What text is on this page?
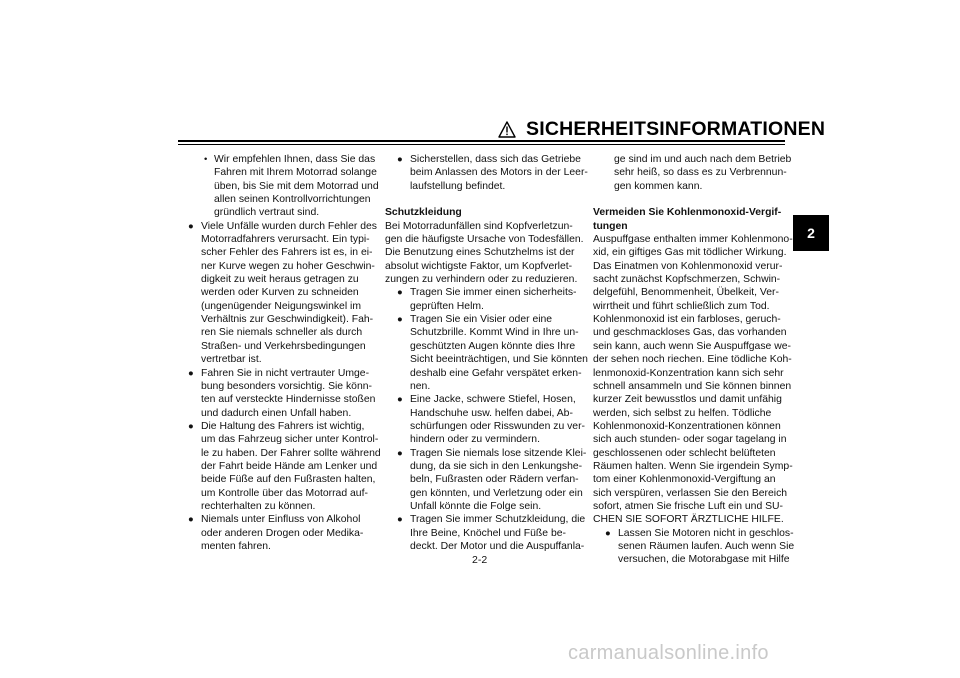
SICHERHEITSINFORMATIONEN
2
• Wir empfehlen Ihnen, dass Sie das

Fahren mit Ihrem Motorrad solange

üben, bis Sie mit dem Motorrad und

allen seinen Kontrollvorrichtungen

gründlich vertraut sind.

● Viele Unfälle wurden durch Fehler des

Motorradfahrers verursacht. Ein typi-

scher Fehler des Fahrers ist es, in ei-

ner Kurve wegen zu hoher Geschwin-

digkeit zu weit heraus getragen zu

werden oder Kurven zu schneiden

(ungenügender Neigungswinkel im

Verhältnis zur Geschwindigkeit). Fah-

ren Sie niemals schneller als durch

Straßen- und Verkehrsbedingungen

vertretbar ist.

● Fahren Sie in nicht vertrauter Umge-

bung besonders vorsichtig. Sie könn-

ten auf versteckte Hindernisse stoßen

und dadurch einen Unfall haben.

● Die Haltung des Fahrers ist wichtig,

um das Fahrzeug sicher unter Kontrol-

le zu haben. Der Fahrer sollte während

der Fahrt beide Hände am Lenker und

beide Füße auf den Fußrasten halten,

um Kontrolle über das Motorrad auf-

rechterhalten zu können.

● Niemals unter Einfluss von Alkohol

oder anderen Drogen oder Medika-

menten fahren.

● Sicherstellen, dass sich das Getriebe

beim Anlassen des Motors in der Leer-

laufstellung befindet.

Schutzkleidung

Bei Motorradunfällen sind Kopfverletzun-

gen die häufigste Ursache von Todesfällen.

Die Benutzung eines Schutzhelms ist der

absolut wichtigste Faktor, um Kopfverlet-

zungen zu verhindern oder zu reduzieren.

● Tragen Sie immer einen sicherheits-

geprüften Helm.

● Tragen Sie ein Visier oder eine

Schutzbrille. Kommt Wind in Ihre un-

geschützten Augen könnte dies Ihre

Sicht beeinträchtigen, und Sie könnten

deshalb eine Gefahr verspätet erken-

nen.

● Eine Jacke, schwere Stiefel, Hosen,

Handschuhe usw. helfen dabei, Ab-

schürfungen oder Risswunden zu ver-

hindern oder zu vermindern.

● Tragen Sie niemals lose sitzende Klei-

dung, da sie sich in den Lenkungshe-

beln, Fußrasten oder Rädern verfan-

gen könnten, und Verletzung oder ein

Unfall könnte die Folge sein.

● Tragen Sie immer Schutzkleidung, die

Ihre Beine, Knöchel und Füße be-

deckt. Der Motor und die Auspuffanla-

ge sind im und auch nach dem Betrieb

sehr heiß, so dass es zu Verbrennun-

gen kommen kann.

Vermeiden Sie Kohlenmonoxid-Vergif-

tungen

Auspuffgase enthalten immer Kohlenmono-

xid, ein giftiges Gas mit tödlicher Wirkung.

Das Einatmen von Kohlenmonoxid verur-

sacht zunächst Kopfschmerzen, Schwin-

delgefühl, Benommenheit, Übelkeit, Ver-

wirrtheit und führt schließlich zum Tod.

Kohlenmonoxid ist ein farbloses, geruch-

und geschmackloses Gas, das vorhanden

sein kann, auch wenn Sie Auspuffgase we-

der sehen noch riechen. Eine tödliche Koh-

lenmonoxid-Konzentration kann sich sehr

schnell ansammeln und Sie können binnen

kurzer Zeit bewusstlos und damit unfähig

werden, sich selbst zu helfen. Tödliche

Kohlenmonoxid-Konzentrationen können

sich auch stunden- oder sogar tagelang in

geschlossenen oder schlecht belüfteten

Räumen halten. Wenn Sie irgendein Symp-

tom einer Kohlenmonoxid-Vergiftung an

sich verspüren, verlassen Sie den Bereich

sofort, atmen Sie frische Luft ein und SU-

CHEN SIE SOFORT ÄRZTLICHE HILFE.

● Lassen Sie Motoren nicht in geschlos-

senen Räumen laufen. Auch wenn Sie

versuchen, die Motorabgase mit Hilfe

2-2
carmanualsonline.info
